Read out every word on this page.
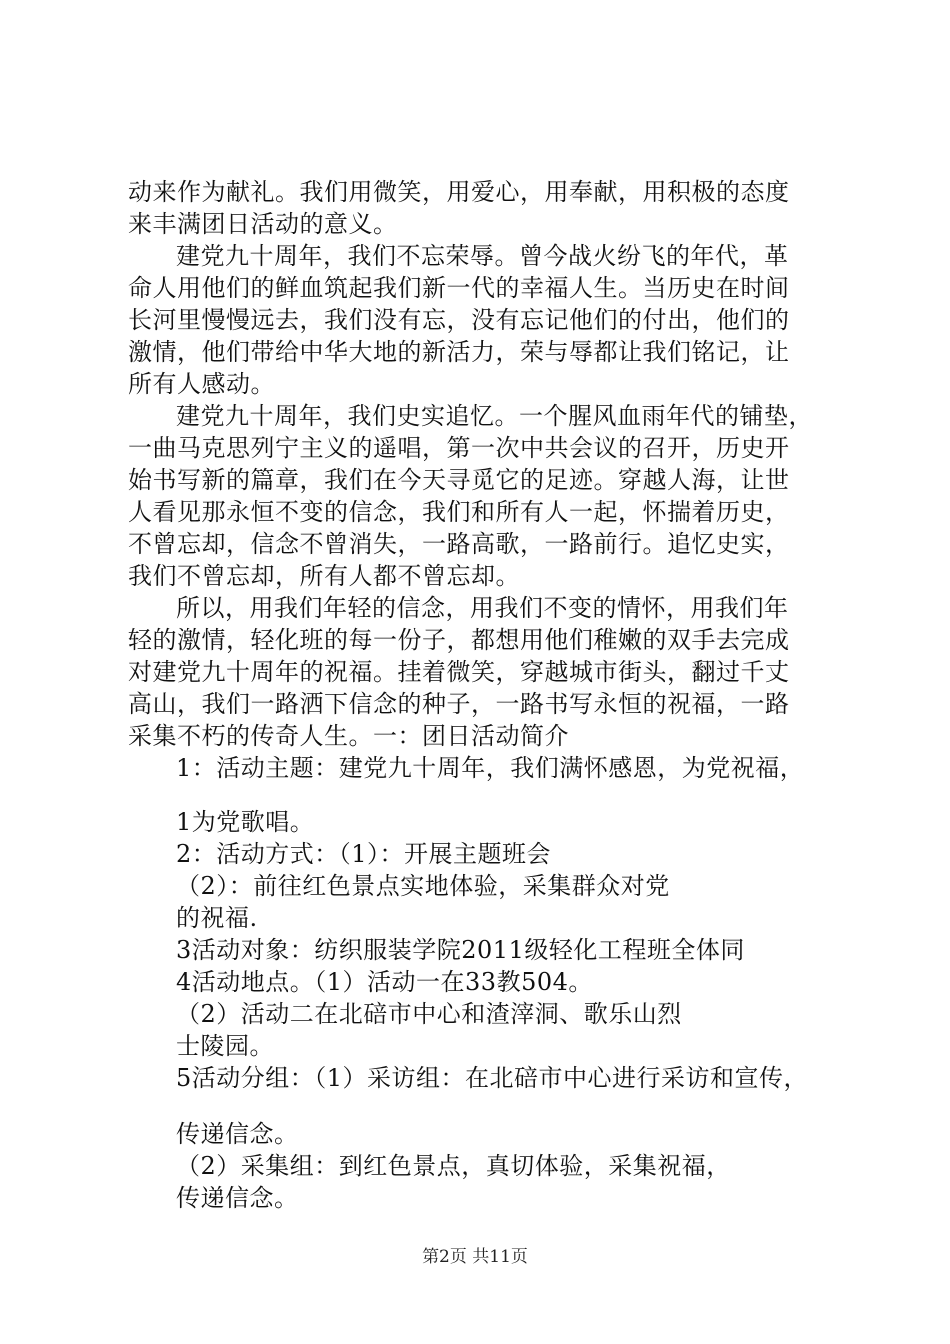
动来作为献礼。我们用微笑，用爱心，用奉献，用积极的态度
来丰满团日活动的意义。
建党九十周年，我们不忘荣辱。曾今战火纷飞的年代，革
命人用他们的鲜血筑起我们新一代的幸福人生。当历史在时间
长河里慢慢远去，我们没有忘，没有忘记他们的付出，他们的
激情，他们带给中华大地的新活力，荣与辱都让我们铭记，让
所有人感动。
建党九十周年，我们史实追忆。一个腥风血雨年代的铺垫，
一曲马克思列宁主义的遥唱，第一次中共会议的召开，历史开
始书写新的篇章，我们在今天寻觅它的足迹。穿越人海，让世
人看见那永恒不变的信念，我们和所有人一起，怀揣着历史，
不曾忘却，信念不曾消失，一路高歌，一路前行。追忆史实，
我们不曾忘却，所有人都不曾忘却。
所以，用我们年轻的信念，用我们不变的情怀，用我们年
轻的激情，轻化班的每一份子，都想用他们稚嫩的双手去完成
对建党九十周年的祝福。挂着微笑，穿越城市街头，翻过千丈
高山，我们一路洒下信念的种子，一路书写永恒的祝福，一路
采集不朽的传奇人生。一：团日活动简介
1：活动主题：建党九十周年，我们满怀感恩，为党祝福，
1为党歌唱。
2：活动方式：（1）：开展主题班会
（2）：前往红色景点实地体验，采集群众对党
的祝福.
3活动对象：纺织服装学院2011级轻化工程班全体同
4活动地点。（1）活动一在33教504。
（2）活动二在北碚市中心和渣滓洞、歌乐山烈
士陵园。
5活动分组：（1）采访组：在北碚市中心进行采访和宣传，
传递信念。
（2）采集组：到红色景点，真切体验，采集祝福，
传递信念。
第2页 共11页
